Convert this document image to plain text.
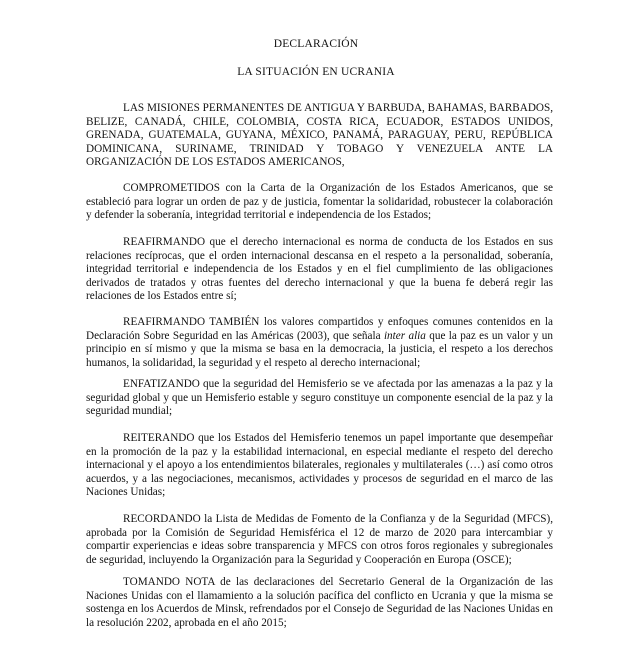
DECLARACIÓN
LA SITUACIÓN EN UCRANIA

LAS MISIONES PERMANENTES DE ANTIGUA Y BARBUDA, BAHAMAS, BARBADOS, BELIZE, CANADÁ, CHILE, COLOMBIA, COSTA RICA, ECUADOR, ESTADOS UNIDOS, GRENADA, GUATEMALA, GUYANA, MÉXICO, PANAMÁ, PARAGUAY, PERU, REPÚBLICA DOMINICANA, SURINAME, TRINIDAD Y TOBAGO Y VENEZUELA ANTE LA ORGANIZACIÓN DE LOS ESTADOS AMERICANOS,

COMPROMETIDOS con la Carta de la Organización de los Estados Americanos, que se estableció para lograr un orden de paz y de justicia, fomentar la solidaridad, robustecer la colaboración y defender la soberanía, integridad territorial e independencia de los Estados;

REAFIRMANDO que el derecho internacional es norma de conducta de los Estados en sus relaciones recíprocas, que el orden internacional descansa en el respeto a la personalidad, soberanía, integridad territorial e independencia de los Estados y en el fiel cumplimiento de las obligaciones derivados de tratados y otras fuentes del derecho internacional y que la buena fe deberá regir las relaciones de los Estados entre sí;

REAFIRMANDO TAMBIÉN los valores compartidos y enfoques comunes contenidos en la Declaración Sobre Seguridad en las Américas (2003), que señala inter alia que la paz es un valor y un principio en sí mismo y que la misma se basa en la democracia, la justicia, el respeto a los derechos humanos, la solidaridad, la seguridad y el respeto al derecho internacional;

ENFATIZANDO que la seguridad del Hemisferio se ve afectada por las amenazas a la paz y la seguridad global y que un Hemisferio estable y seguro constituye un componente esencial de la paz y la seguridad mundial;

REITERANDO que los Estados del Hemisferio tenemos un papel importante que desempeñar en la promoción de la paz y la estabilidad internacional, en especial mediante el respeto del derecho internacional y el apoyo a los entendimientos bilaterales, regionales y multilaterales (…) así como otros acuerdos, y a las negociaciones, mecanismos, actividades y procesos de seguridad en el marco de las Naciones Unidas;

RECORDANDO la Lista de Medidas de Fomento de la Confianza y de la Seguridad (MFCS), aprobada por la Comisión de Seguridad Hemisférica el 12 de marzo de 2020 para intercambiar y compartir experiencias e ideas sobre transparencia y MFCS con otros foros regionales y subregionales de seguridad, incluyendo la Organización para la Seguridad y Cooperación en Europa (OSCE);

TOMANDO NOTA de las declaraciones del Secretario General de la Organización de las Naciones Unidas con el llamamiento a la solución pacífica del conflicto en Ucrania y que la misma se sostenga en los Acuerdos de Minsk, refrendados por el Consejo de Seguridad de las Naciones Unidas en la resolución 2202, aprobada en el año 2015;
